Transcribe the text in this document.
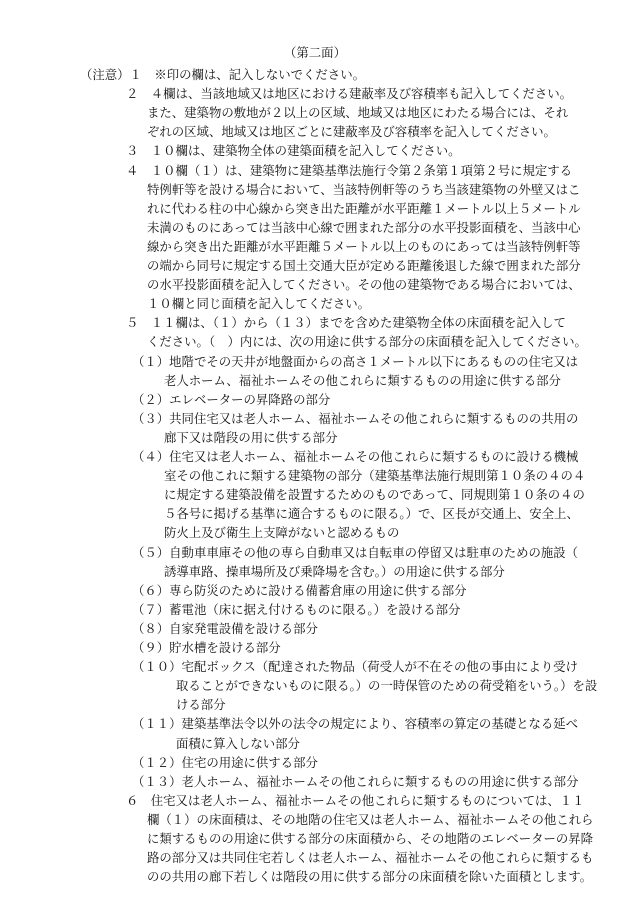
（第二面）
（注意）１　※印の欄は、記入しないでください。
２　４欄は、当該地域又は地区における建蔽率及び容積率も記入してください。
また、建築物の敷地が２以上の区域、地域又は地区にわたる場合には、それ
ぞれの区域、地域又は地区ごとに建蔽率及び容積率を記入してください。
３　１０欄は、建築物全体の建築面積を記入してください。
４　１０欄（１）は、建築物に建築基準法施行令第２条第１項第２号に規定する
特例軒等を設ける場合において、当該特例軒等のうち当該建築物の外壁又はこ
れに代わる柱の中心線から突き出た距離が水平距離１メートル以上５メートル
未満のものにあっては当該中心線で囲まれた部分の水平投影面積を、当該中心
線から突き出た距離が水平距離５メートル以上のものにあっては当該特例軒等
の端から同号に規定する国土交通大臣が定める距離後退した線で囲まれた部分
の水平投影面積を記入してください。その他の建築物である場合においては、
１０欄と同じ面積を記入してください。
５　１１欄は、（１）から（１３）までを含めた建築物全体の床面積を記入して
ください。（　）内には、次の用途に供する部分の床面積を記入してください。
（１）地階でその天井が地盤面からの高さ１メートル以下にあるものの住宅又は
老人ホーム、福祉ホームその他これらに類するものの用途に供する部分
（２）エレベーターの昇降路の部分
（３）共同住宅又は老人ホーム、福祉ホームその他これらに類するものの共用の
廊下又は階段の用に供する部分
（４）住宅又は老人ホーム、福祉ホームその他これらに類するものに設ける機械
室その他これに類する建築物の部分（建築基準法施行規則第１０条の４の４
に規定する建築設備を設置するためのものであって、同規則第１０条の４の
５各号に掲げる基準に適合するものに限る。）で、区長が交通上、安全上、
防火上及び衛生上支障がないと認めるもの
（５）自動車車庫その他の専ら自動車又は自転車の停留又は駐車のための施設（
誘導車路、操車場所及び乗降場を含む。）の用途に供する部分
（６）専ら防災のために設ける備蓄倉庫の用途に供する部分
（７）蓄電池（床に据え付けるものに限る。）を設ける部分
（８）自家発電設備を設ける部分
（９）貯水槽を設ける部分
（１０）宅配ボックス（配達された物品（荷受人が不在その他の事由により受け
取ることができないものに限る。）の一時保管のための荷受箱をいう。）を設
ける部分
（１１）建築基準法令以外の法令の規定により、容積率の算定の基礎となる延べ
面積に算入しない部分
（１２）住宅の用途に供する部分
（１３）老人ホーム、福祉ホームその他これらに類するものの用途に供する部分
６　住宅又は老人ホーム、福祉ホームその他これらに類するものについては、１１
欄（１）の床面積は、その地階の住宅又は老人ホーム、福祉ホームその他これら
に類するものの用途に供する部分の床面積から、その地階のエレベーターの昇降
路の部分又は共同住宅若しくは老人ホーム、福祉ホームその他これらに類するも
のの共用の廊下若しくは階段の用に供する部分の床面積を除いた面積とします。
